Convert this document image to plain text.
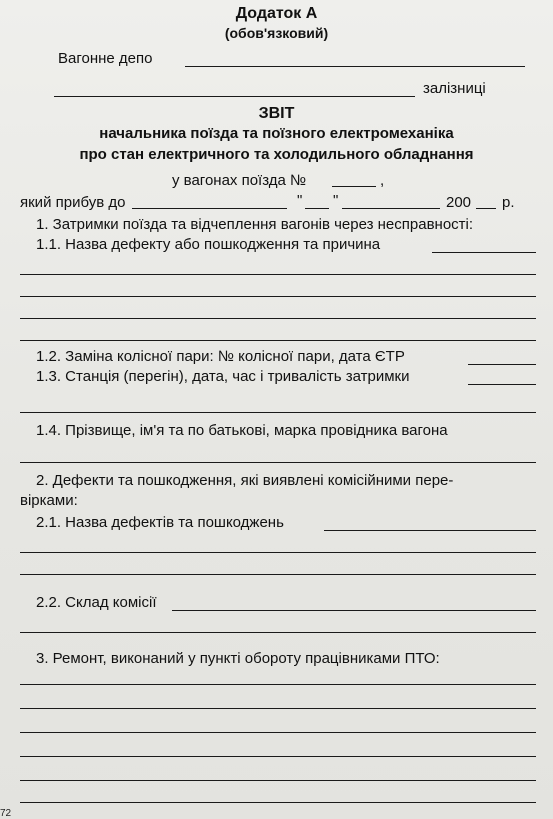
Додаток А
(обов'язковий)
Вагонне депо
залізниці
ЗВІТ
начальника поїзда та поїзного електромеханіка
про стан електричного та холодильного обладнання
у вагонах поїзда №	,
який прибув до	" "	200 р.
1. Затримки поїзда та відчеплення вагонів через несправності:
1.1. Назва дефекту або пошкодження та причина
1.2. Заміна колісної пари: № колісної пари, дата ЄТР
1.3. Станція (перегін), дата, час і тривалість затримки
1.4. Прізвище, ім'я та по батькові, марка провідника вагона
2. Дефекти та пошкодження, які виявлені комісійними пере-
вірками:
2.1. Назва дефектів та пошкоджень
2.2. Склад комісії
3. Ремонт, виконаний у пункті обороту працівниками ПТО:
72
